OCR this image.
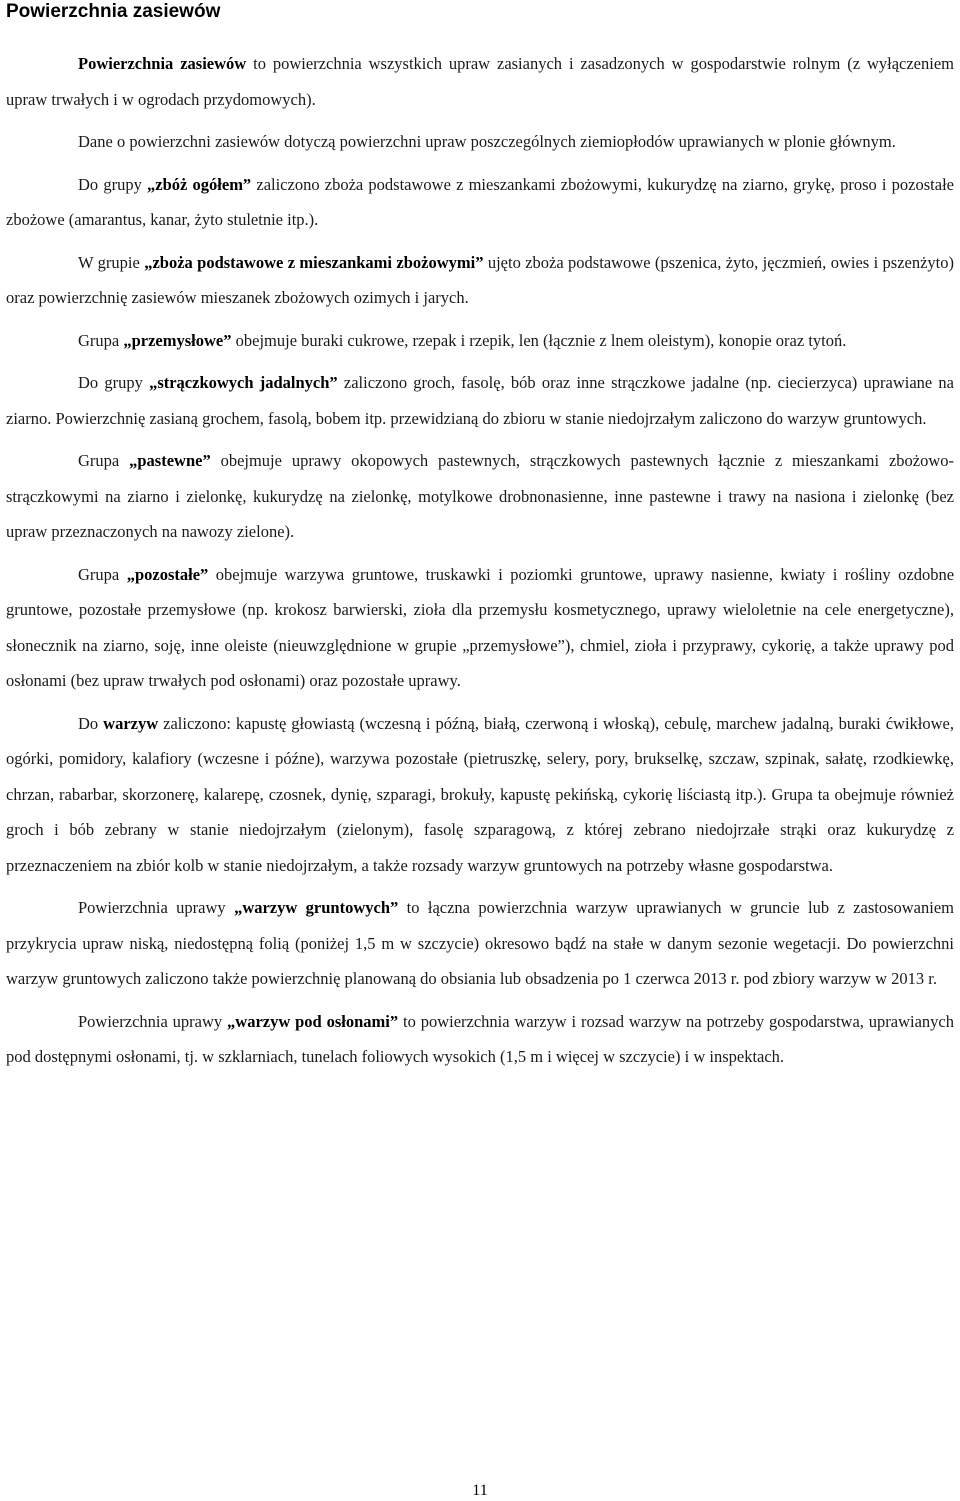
Powierzchnia zasiewów

Powierzchnia zasiewów to powierzchnia wszystkich upraw zasianych i zasadzonych w gospodarstwie rolnym (z wyłączeniem upraw trwałych i w ogrodach przydomowych).

Dane o powierzchni zasiewów dotyczą powierzchni upraw poszczególnych ziemiopłodów uprawianych w plonie głównym.

Do grupy „zbóż ogółem” zaliczono zboża podstawowe z mieszankami zbożowymi, kukurydzę na ziarno, grykę, proso i pozostałe zbożowe (amarantus, kanar, żyto stuletnie itp.).

W grupie „zboża podstawowe z mieszankami zbożowymi” ujęto zboża podstawowe (pszenica, żyto, jęczmień, owies i pszenżyto) oraz powierzchnię zasiewów mieszanek zbożowych ozimych i jarych.

Grupa „przemysłowe” obejmuje buraki cukrowe, rzepak i rzepik, len (łącznie z lnem oleistym), konopie oraz tytoń.

Do grupy „strączkowych jadalnych” zaliczono groch, fasolę, bób oraz inne strączkowe jadalne (np. ciecierzyca) uprawiane na ziarno. Powierzchnię zasianą grochem, fasolą, bobem itp. przewidzianą do zbioru w stanie niedojrzałym zaliczono do warzyw gruntowych.

Grupa „pastewne” obejmuje uprawy okopowych pastewnych, strączkowych pastewnych łącznie z mieszankami zbożowo-strączkowymi na ziarno i zielonkę, kukurydzę na zielonkę, motylkowe drobnonasienne, inne pastewne i trawy na nasiona i zielonkę (bez upraw przeznaczonych na nawozy zielone).

Grupa „pozostałe” obejmuje warzywa gruntowe, truskawki i poziomki gruntowe, uprawy nasienne, kwiaty i rośliny ozdobne gruntowe, pozostałe przemysłowe (np. krokosz barwierski, zioła dla przemysłu kosmetycznego, uprawy wieloletnie na cele energetyczne), słonecznik na ziarno, soję, inne oleiste (nieuwzględnione w grupie „przemysłowe”), chmiel, zioła i przyprawy, cykorię, a także uprawy pod osłonami (bez upraw trwałych pod osłonami) oraz pozostałe uprawy.

Do warzyw zaliczono: kapustę głowiastą (wczesną i późną, białą, czerwoną i włoską), cebulę, marchew jadalną, buraki ćwikłowe, ogórki, pomidory, kalafiory (wczesne i późne), warzywa pozostałe (pietruszkę, selery, pory, brukselkę, szczaw, szpinak, sałatę, rzodkiewkę, chrzan, rabarbar, skorzonerę, kalarepę, czosnek, dynię, szparagi, brokuły, kapustę pekińską, cykorię liściastą itp.). Grupa ta obejmuje również groch i bób zebrany w stanie niedojrzałym (zielonym), fasolę szparagową, z której zebrano niedojrzałe strąki oraz kukurydzę z przeznaczeniem na zbiór kolb w stanie niedojrzałym, a także rozsady warzyw gruntowych na potrzeby własne gospodarstwa.

Powierzchnia uprawy „warzyw gruntowych” to łączna powierzchnia warzyw uprawianych w gruncie lub z zastosowaniem przykrycia upraw niską, niedostępną folią (poniżej 1,5 m w szczycie) okresowo bądź na stałe w danym sezonie wegetacji. Do powierzchni warzyw gruntowych zaliczono także powierzchnię planowaną do obsiania lub obsadzenia po 1 czerwca 2013 r. pod zbiory warzyw w 2013 r.

Powierzchnia uprawy „warzyw pod osłonami” to powierzchnia warzyw i rozsad warzyw na potrzeby gospodarstwa, uprawianych pod dostępnymi osłonami, tj. w szklarniach, tunelach foliowych wysokich (1,5 m i więcej w szczycie) i w inspektach.

11
